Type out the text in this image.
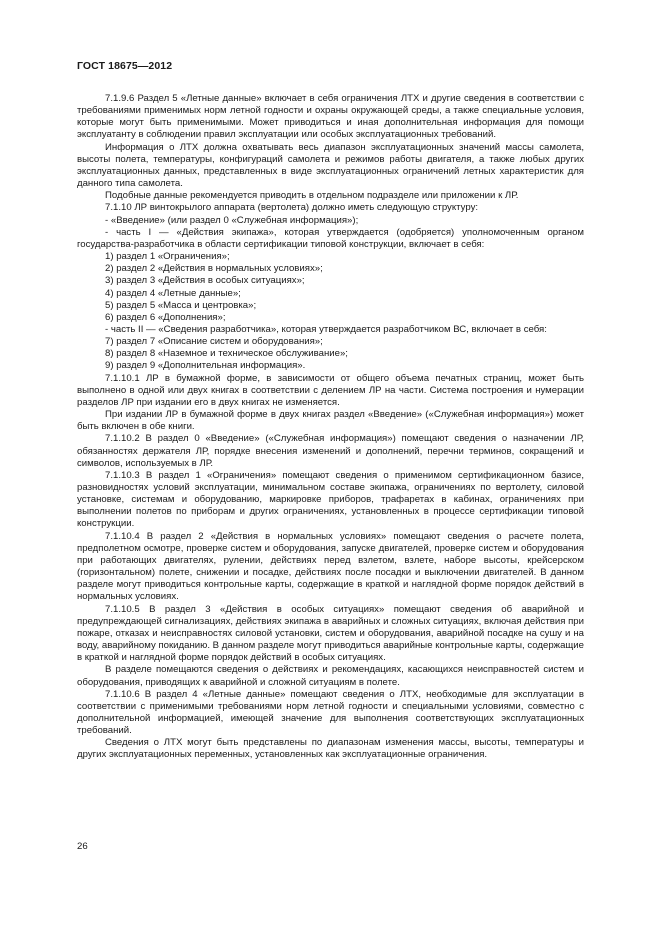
ГОСТ 18675—2012

7.1.9.6 Раздел 5 «Летные данные» включает в себя ограничения ЛТХ и другие сведения в соответствии с требованиями применимых норм летной годности и охраны окружающей среды, а также специальные условия, которые могут быть применимыми. Может приводиться и иная дополнительная информация для помощи эксплуатанту в соблюдении правил эксплуатации или особых эксплуатационных требований.

Информация о ЛТХ должна охватывать весь диапазон эксплуатационных значений массы самолета, высоты полета, температуры, конфигураций самолета и режимов работы двигателя, а также любых других эксплуатационных данных, представленных в виде эксплуатационных ограничений летных характеристик для данного типа самолета.

Подобные данные рекомендуется приводить в отдельном подразделе или приложении к ЛР.

7.1.10 ЛР винтокрылого аппарата (вертолета) должно иметь следующую структуру:

- «Введение» (или раздел 0 «Служебная информация»);

- часть I — «Действия экипажа», которая утверждается (одобряется) уполномоченным органом государства-разработчика в области сертификации типовой конструкции, включает в себя:

1) раздел 1 «Ограничения»;

2) раздел 2 «Действия в нормальных условиях»;

3) раздел 3 «Действия в особых ситуациях»;

4) раздел 4 «Летные данные»;

5) раздел 5 «Масса и центровка»;

6) раздел 6 «Дополнения»;

- часть II — «Сведения разработчика», которая утверждается разработчиком ВС, включает в себя:

7) раздел 7 «Описание систем и оборудования»;

8) раздел 8 «Наземное и техническое обслуживание»;

9) раздел 9 «Дополнительная информация».

7.1.10.1 ЛР в бумажной форме, в зависимости от общего объема печатных страниц, может быть выполнено в одной или двух книгах в соответствии с делением ЛР на части. Система построения и нумерации разделов ЛР при издании его в двух книгах не изменяется.

При издании ЛР в бумажной форме в двух книгах раздел «Введение» («Служебная информация») может быть включен в обе книги.

7.1.10.2 В раздел 0 «Введение» («Служебная информация») помещают сведения о назначении ЛР, обязанностях держателя ЛР, порядке внесения изменений и дополнений, перечни терминов, сокращений и символов, используемых в ЛР.

7.1.10.3 В раздел 1 «Ограничения» помещают сведения о применимом сертификационном базисе, разновидностях условий эксплуатации, минимальном составе экипажа, ограничениях по вертолету, силовой установке, системам и оборудованию, маркировке приборов, трафаретах в кабинах, ограничениях при выполнении полетов по приборам и других ограничениях, установленных в процессе сертификации типовой конструкции.

7.1.10.4 В раздел 2 «Действия в нормальных условиях» помещают сведения о расчете полета, предполетном осмотре, проверке систем и оборудования, запуске двигателей, проверке систем и оборудования при работающих двигателях, рулении, действиях перед взлетом, взлете, наборе высоты, крейсерском (горизонтальном) полете, снижении и посадке, действиях после посадки и выключении двигателей. В данном разделе могут приводиться контрольные карты, содержащие в краткой и наглядной форме порядок действий в нормальных условиях.

7.1.10.5 В раздел 3 «Действия в особых ситуациях» помещают сведения об аварийной и предупреждающей сигнализациях, действиях экипажа в аварийных и сложных ситуациях, включая действия при пожаре, отказах и неисправностях силовой установки, систем и оборудования, аварийной посадке на сушу и на воду, аварийному покиданию. В данном разделе могут приводиться аварийные контрольные карты, содержащие в краткой и наглядной форме порядок действий в особых ситуациях.

В разделе помещаются сведения о действиях и рекомендациях, касающихся неисправностей систем и оборудования, приводящих к аварийной и сложной ситуациям в полете.

7.1.10.6 В раздел 4 «Летные данные» помещают сведения о ЛТХ, необходимые для эксплуатации в соответствии с применимыми требованиями норм летной годности и специальными условиями, совместно с дополнительной информацией, имеющей значение для выполнения соответствующих эксплуатационных требований.

Сведения о ЛТХ могут быть представлены по диапазонам изменения массы, высоты, температуры и других эксплуатационных переменных, установленных как эксплуатационные ограничения.

26
